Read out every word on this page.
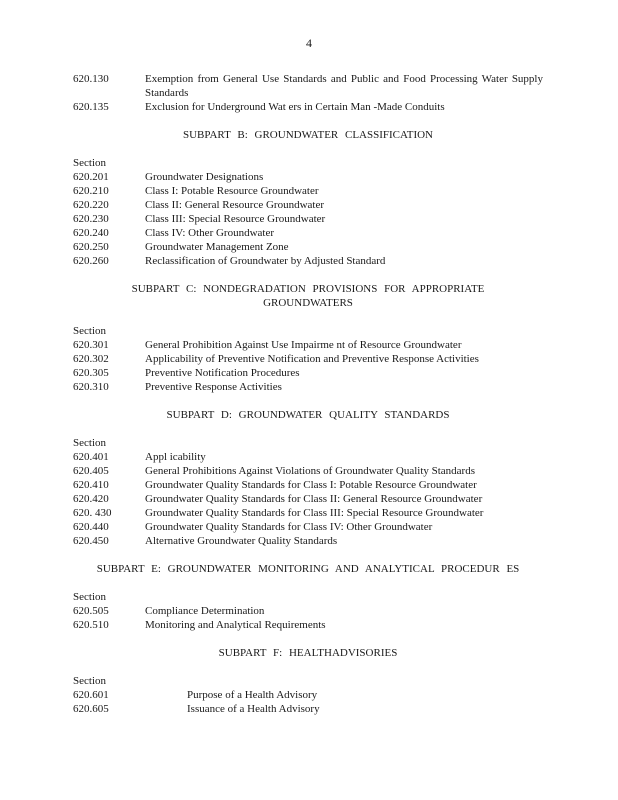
4
620.130	Exemption from General Use Standards and Public and Food Processing Water Supply Standards
620.135	Exclusion for Underground Wat ers in Certain Man -Made Conduits
SUBPART B: GROUNDWATER CLASSIFICATION
Section
620.201	Groundwater Designations
620.210	Class I: Potable Resource Groundwater
620.220	Class II: General Resource Groundwater
620.230	Class III: Special Resource Groundwater
620.240	Class IV: Other Groundwater
620.250	Groundwater Management Zone
620.260	Reclassification of Groundwater by Adjusted Standard
SUBPART C: NONDEGRADATION PROVISIONS FOR APPROPRIATE
GROUNDWATERS
Section
620.301	General Prohibition Against Use Impairme nt of Resource Groundwater
620.302	Applicability of Preventive Notification and Preventive Response Activities
620.305	Preventive Notification Procedures
620.310	Preventive Response Activities
SUBPART D: GROUNDWATER QUALITY STANDARDS
Section
620.401	Appl icability
620.405	General Prohibitions Against Violations of Groundwater Quality Standards
620.410	Groundwater Quality Standards for Class I: Potable Resource Groundwater
620.420	Groundwater Quality Standards for Class II: General Resource Groundwater
620. 430	Groundwater Quality Standards for Class III: Special Resource Groundwater
620.440	Groundwater Quality Standards for Class IV: Other Groundwater
620.450	Alternative Groundwater Quality Standards
SUBPART E: GROUNDWATER MONITORING AND ANALYTICAL PROCEDUR ES
Section
620.505	Compliance Determination
620.510	Monitoring and Analytical Requirements
SUBPART F: HEALTHADVISORIES
Section
620.601	Purpose of a Health Advisory
620.605	Issuance of a Health Advisory
